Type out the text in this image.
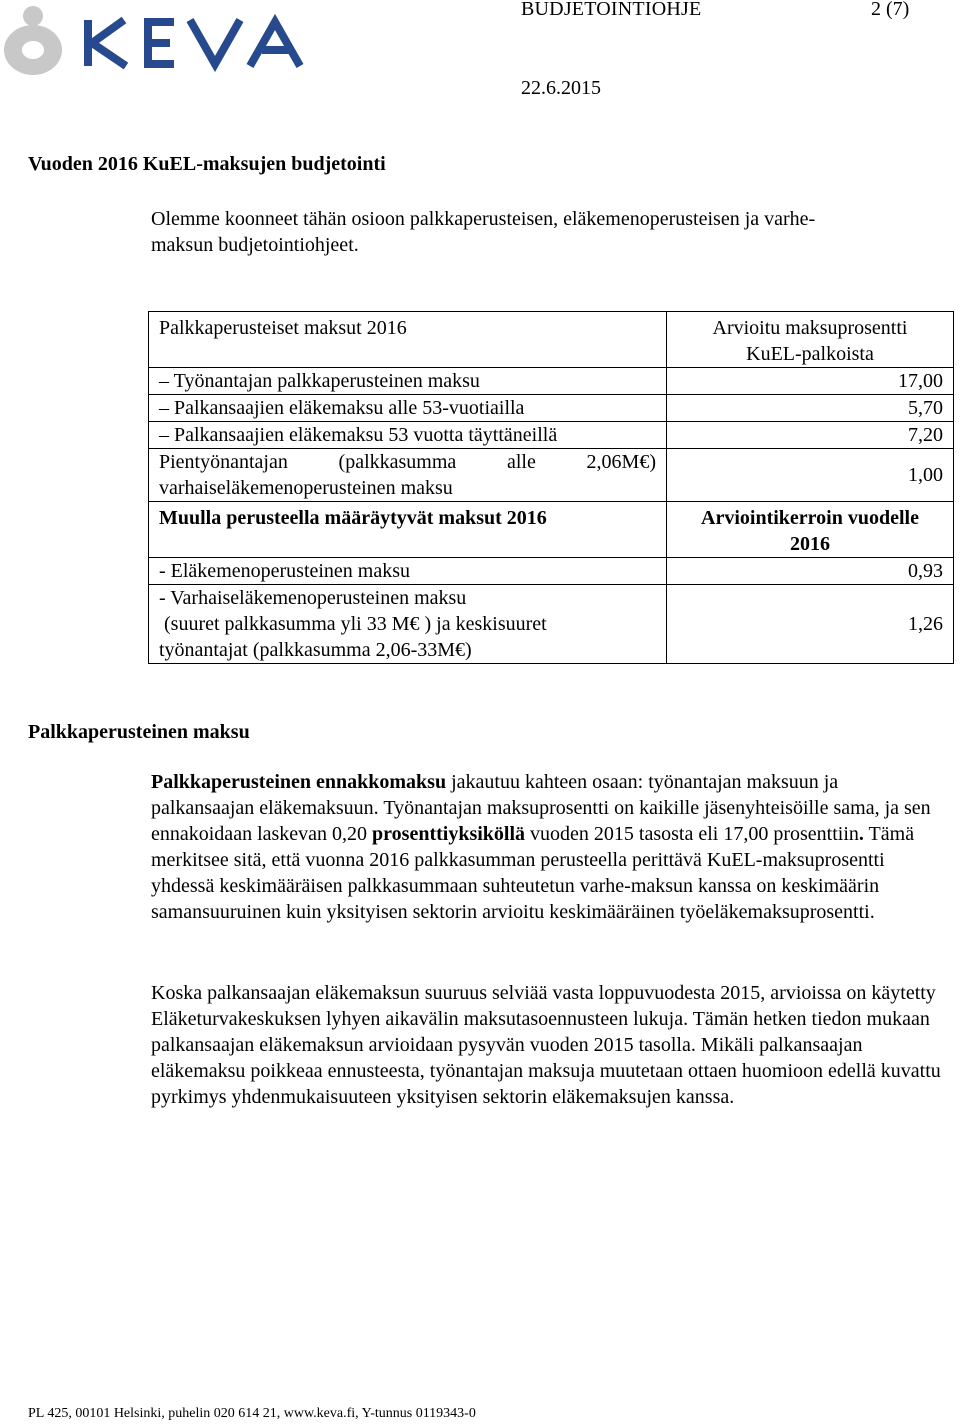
KEVA
BUDJETOINTIOHJE	2 (7)
22.6.2015
Vuoden 2016 KuEL-maksujen budjetointi
Olemme koonneet tähän osioon palkkaperusteisen, eläkemenoperusteisen ja varhe-
maksun budjetointiohjeet.
Palkkaperusteiset maksut 2016	Arvioitu maksuprosentti
KuEL-palkoista

– Työnantajan palkkaperusteinen maksu	17,00
– Palkansaajien eläkemaksu alle 53-vuotiailla	5,70
– Palkansaajien eläkemaksu 53 vuotta täyttäneillä	7,20

Pientyönantajan (palkkasumma alle 2,06M€)
varhaiseläkemenoperusteinen maksu	1,00
Muulla perusteella määräytyvät maksut 2016	Arviointikerroin vuodelle
2016

- Eläkemenoperusteinen maksu	0,93

- Varhaiseläkemenoperusteinen maksu
(suuret palkkasumma yli 33 M€ ) ja keskisuuret
työnantajat (palkkasumma 2,06-33M€)	1,26
Palkkaperusteinen maksu
Palkkaperusteinen ennakkomaksu jakautuu kahteen osaan: työnantajan maksuun ja palkansaajan eläkemaksuun. Työnantajan maksuprosentti on kaikille jäsenyhteisöille sama, ja sen ennakoidaan laskevan 0,20 prosenttiyksiköllä vuoden 2015 tasosta eli 17,00 prosenttiin. Tämä merkitsee sitä, että vuonna 2016 palkkasumman perusteella perittävä KuEL-maksuprosentti yhdessä keskimääräisen palkkasummaan suhteutetun varhe-maksun kanssa on keskimäärin samansuuruinen kuin yksityisen sektorin arvioitu keskimääräinen työeläkemaksuprosentti.
Koska palkansaajan eläkemaksun suuruus selviää vasta loppuvuodesta 2015, arvioissa on käytetty Eläketurvakeskuksen lyhyen aikavälin maksutasoennusteen lukuja. Tämän hetken tiedon mukaan palkansaajan eläkemaksun arvioidaan pysyvän vuoden 2015 tasolla. Mikäli palkansaajan eläkemaksu poikkeaa ennusteesta, työnantajan maksuja muutetaan ottaen huomioon edellä kuvattu pyrkimys yhdenmukaisuuteen yksityisen sektorin eläkemaksujen kanssa.
PL 425, 00101 Helsinki, puhelin 020 614 21, www.keva.fi, Y-tunnus 0119343-0
